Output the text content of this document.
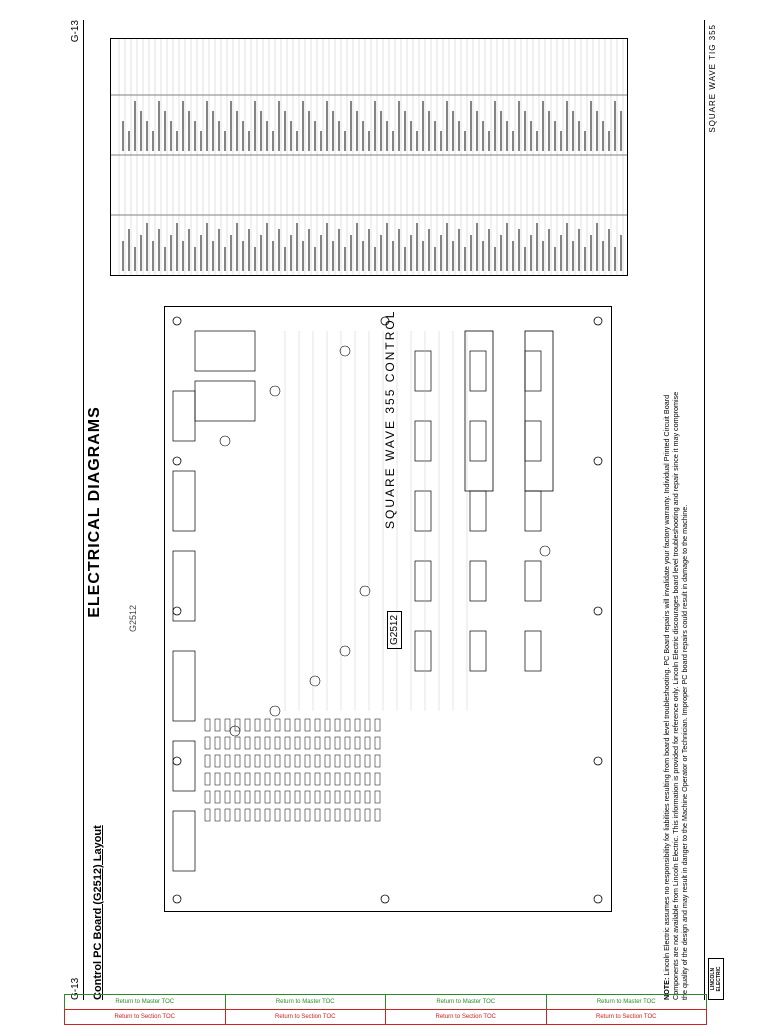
G-13
G-13
ELECTRICAL DIAGRAMS
Control PC Board (G2512) Layout
SQUARE WAVE 355 CONTROL
G2512
G2512
NOTE: Lincoln Electric assumes no responsibility for liabilities resulting from board level troubleshooting. PC Board repairs will invalidate your factory warranty. Individual Printed Circuit Board Components are not available from Lincoln Electric. This information is provided for reference only. Lincoln Electric discourages board level troubleshooting and repair since it may compromise the quality of the design and may result in danger to the Machine Operator or Technician. Improper PC board repairs could result in damage to the machine.
LINCOLN ELECTRIC
SQUARE WAVE TIG 355
Return to Master TOC	Return to Master TOC	Return to Master TOC	Return to Master TOC
Return to Section TOC	Return to Section TOC	Return to Section TOC	Return to Section TOC
